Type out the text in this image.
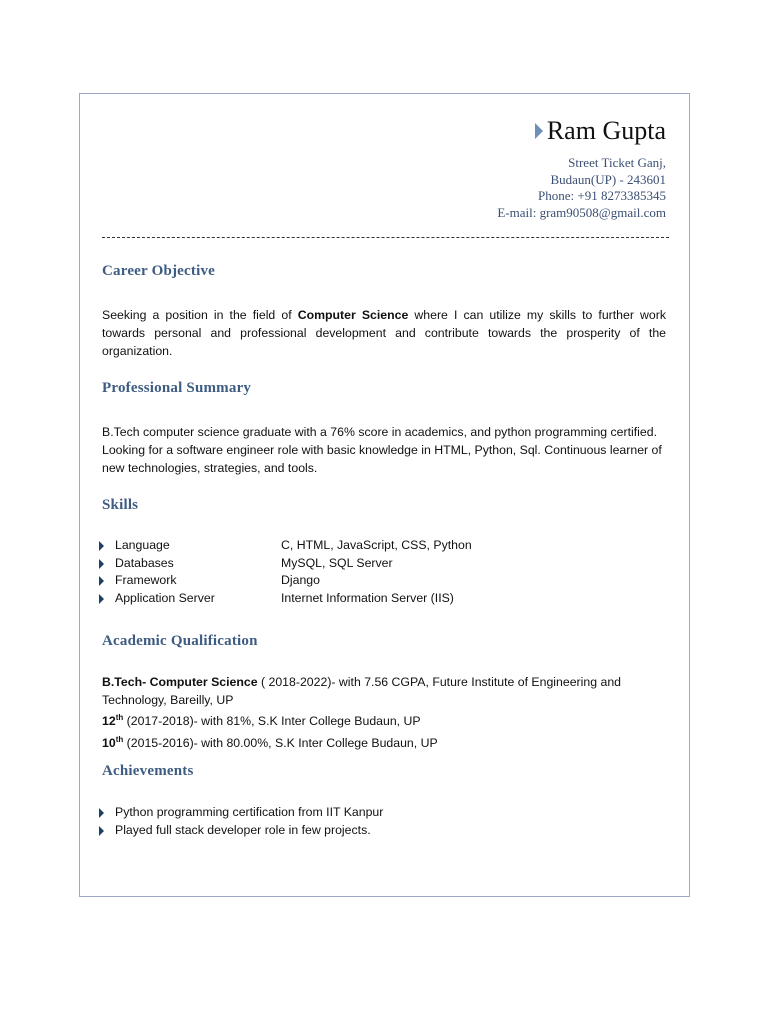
Ram Gupta
Street Ticket Ganj,
Budaun(UP) - 243601
Phone: +91 8273385345
E-mail: gram90508@gmail.com
Career Objective
Seeking a position in the field of Computer Science where I can utilize my skills to further work towards personal and professional development and contribute towards the prosperity of the organization.
Professional Summary
B.Tech computer science graduate with a 76% score in academics, and python programming certified. Looking for a software engineer role with basic knowledge in HTML, Python, Sql. Continuous learner of new technologies, strategies, and tools.
Skills
Language	C, HTML, JavaScript, CSS, Python
Databases	MySQL, SQL Server
Framework	Django
Application Server	Internet Information Server (IIS)
Academic Qualification
B.Tech- Computer Science ( 2018-2022)- with 7.56 CGPA, Future Institute of Engineering and Technology, Bareilly, UP
12th (2017-2018)- with 81%, S.K Inter College Budaun, UP
10th (2015-2016)- with 80.00%, S.K Inter College Budaun, UP
Achievements
Python programming certification from IIT Kanpur
Played full stack developer role in few projects.
